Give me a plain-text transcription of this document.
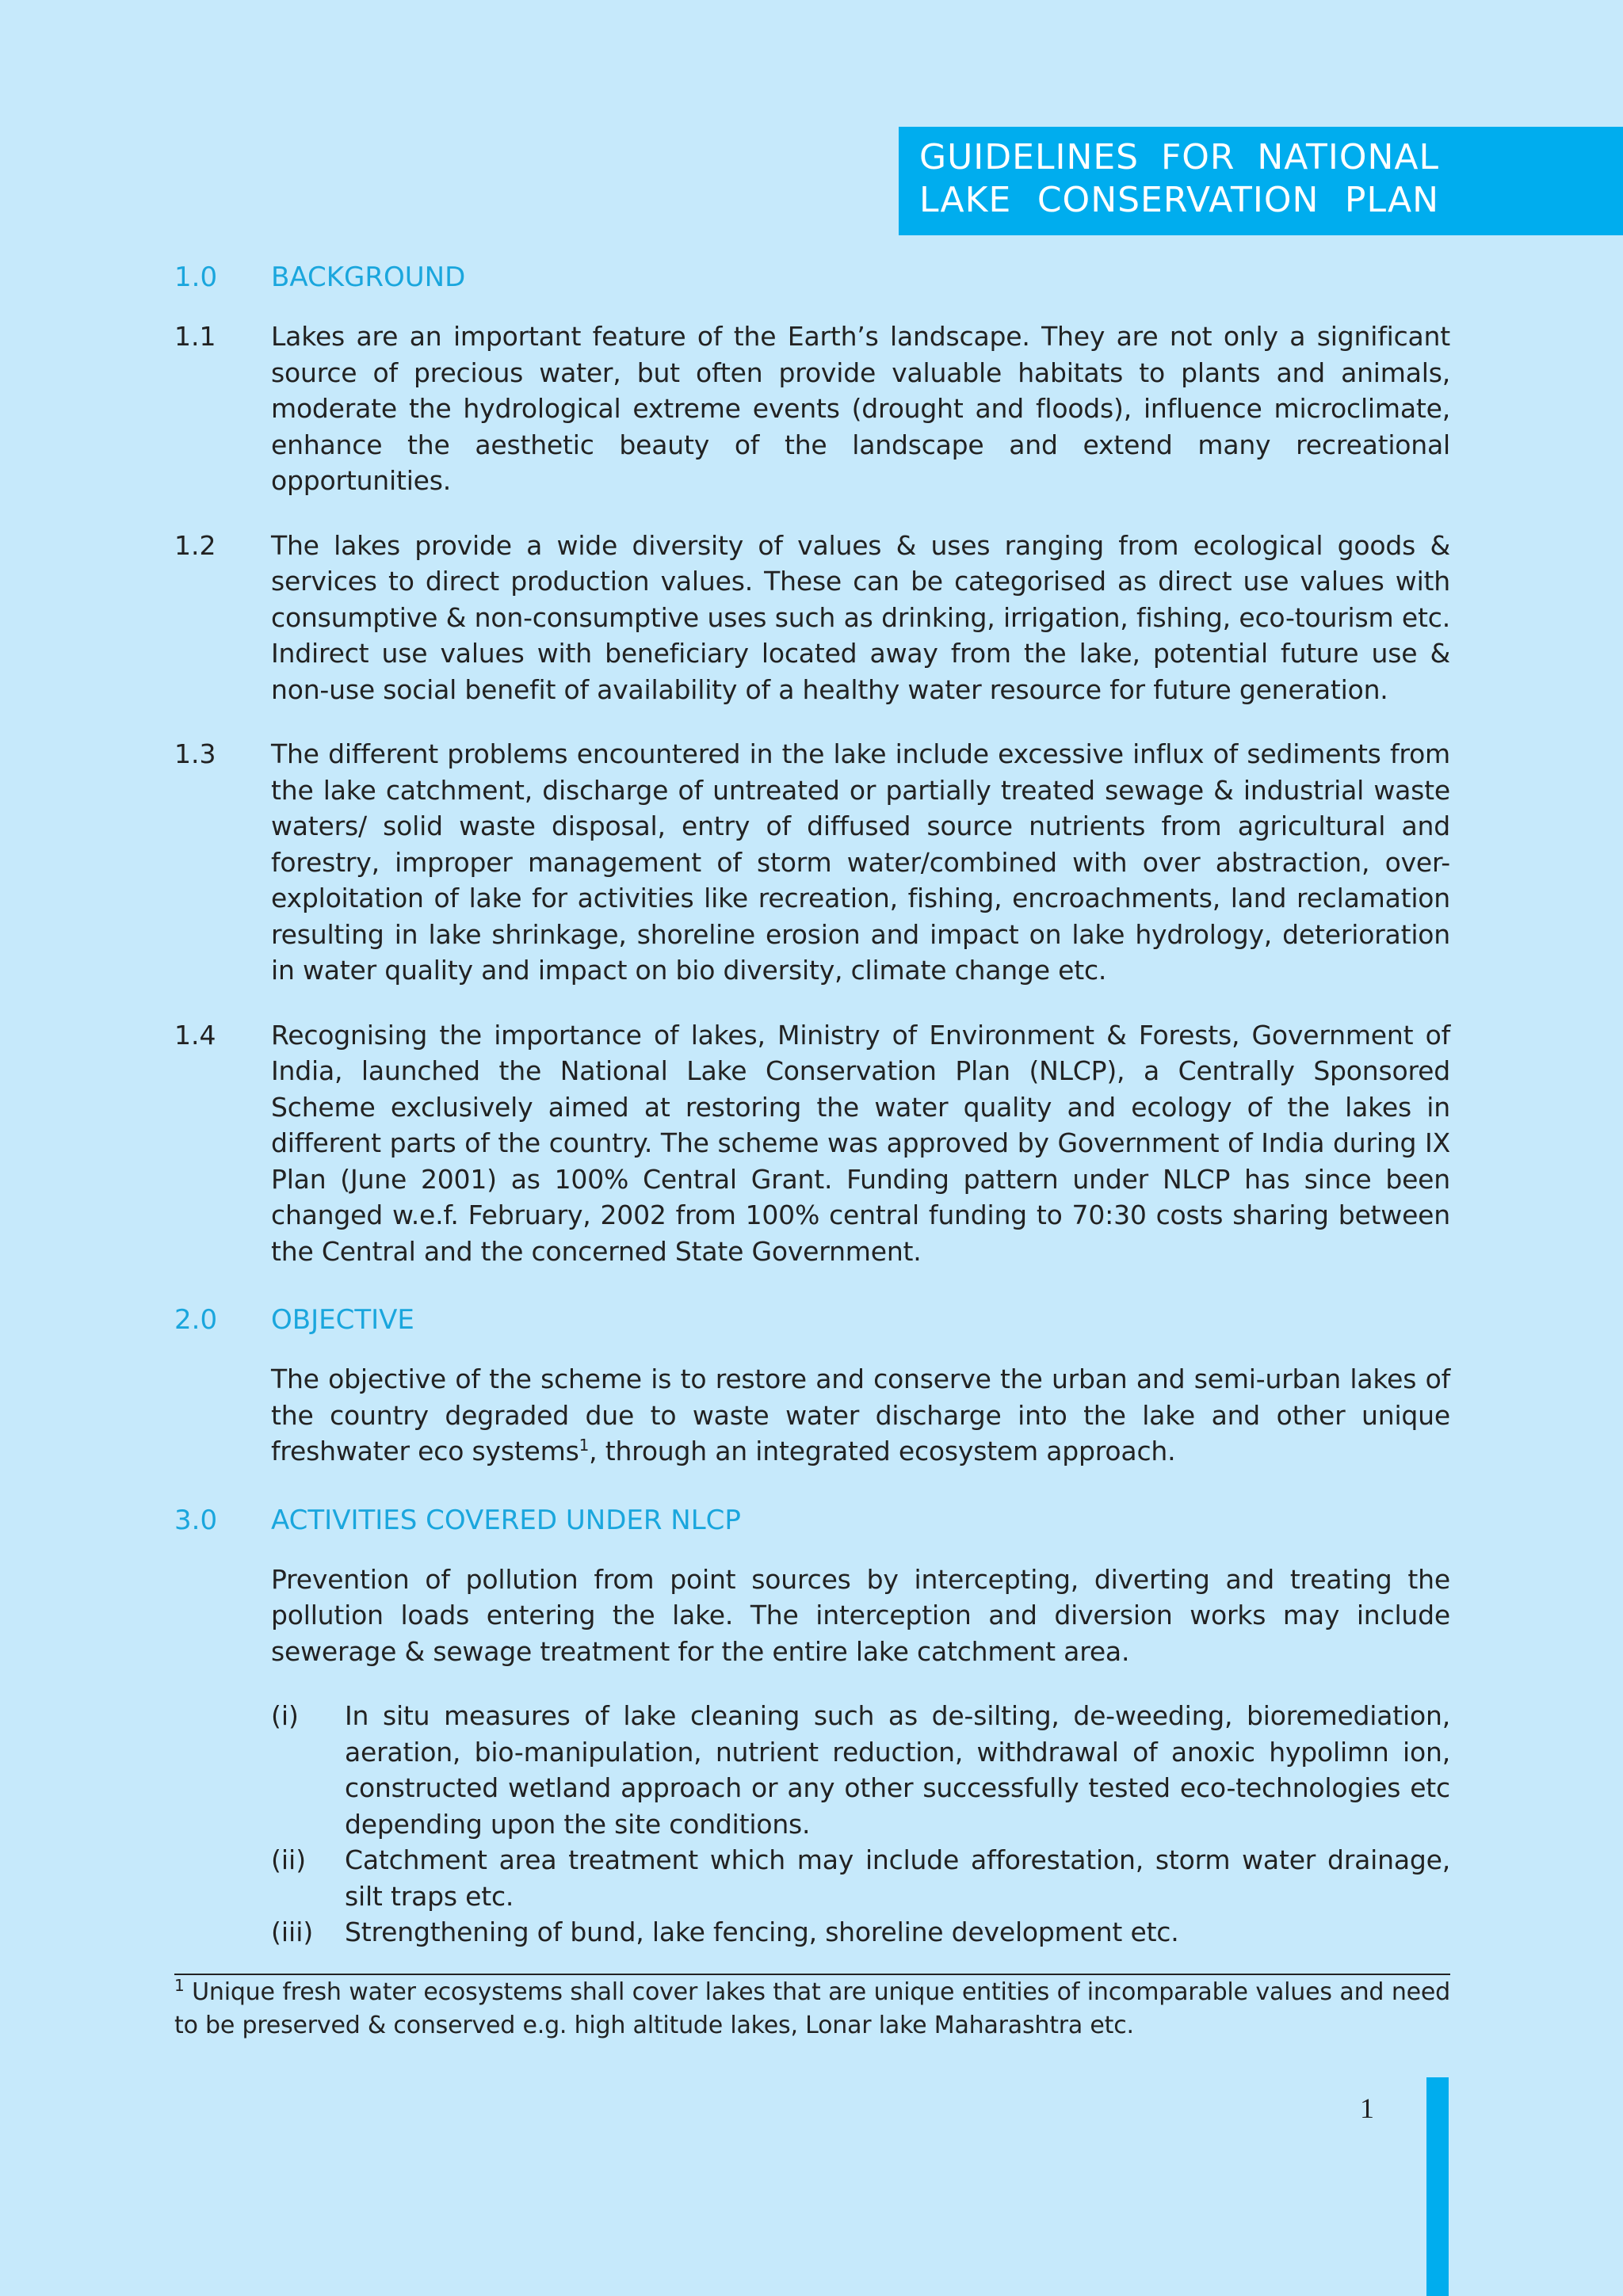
GUIDELINES FOR NATIONAL
LAKE CONSERVATION PLAN
1.0	BACKGROUND
1.1	Lakes are an important feature of the Earth’s landscape. They are not only a significant source of precious water, but often provide valuable habitats to plants and animals, moderate the hydrological extreme events (drought and floods), influence microclimate, enhance the aesthetic beauty of the landscape and extend many recreational opportunities.
1.2	The lakes provide a wide diversity of values & uses ranging from ecological goods & services to direct production values. These can be categorised as direct use values with consumptive & non-consumptive uses such as drinking, irrigation, fishing, eco-tourism etc. Indirect use values with beneficiary located away from the lake, potential future use & non-use social benefit of availability of a healthy water resource for future generation.
1.3	The different problems encountered in the lake include excessive influx of sediments from the lake catchment, discharge of untreated or partially treated sewage & industrial waste waters/ solid waste disposal, entry of diffused source nutrients from agricultural and forestry, improper management of storm water/combined with over abstraction, over-exploitation of lake for activities like recreation, fishing, encroachments, land reclamation resulting in lake shrinkage, shoreline erosion and impact on lake hydrology, deterioration in water quality and impact on bio diversity, climate change etc.
1.4	Recognising the importance of lakes, Ministry of Environment & Forests, Government of India, launched the National Lake Conservation Plan (NLCP), a Centrally Sponsored Scheme exclusively aimed at restoring the water quality and ecology of the lakes in different parts of the country. The scheme was approved by Government of India during IX Plan (June 2001) as 100% Central Grant. Funding pattern under NLCP has since been changed w.e.f. February, 2002 from 100% central funding to 70:30 costs sharing between the Central and the concerned State Government.
2.0	OBJECTIVE
The objective of the scheme is to restore and conserve the urban and semi-urban lakes of the country degraded due to waste water discharge into the lake and other unique freshwater eco systems$^1$, through an integrated ecosystem approach.
3.0	ACTIVITIES COVERED UNDER NLCP
Prevention of pollution from point sources by intercepting, diverting and treating the pollution loads entering the lake. The interception and diversion works may include sewerage & sewage treatment for the entire lake catchment area.
(i)	In situ measures of lake cleaning such as de-silting, de-weeding, bioremediation, aeration, bio-manipulation, nutrient reduction, withdrawal of anoxic hypolimn ion, constructed wetland approach or any other successfully tested eco-technologies etc depending upon the site conditions.
(ii)	Catchment area treatment which may include afforestation, storm water drainage, silt traps etc.
(iii)	Strengthening of bund, lake fencing, shoreline development etc.
$^1$ Unique fresh water ecosystems shall cover lakes that are unique entities of incomparable values and need to be preserved & conserved e.g. high altitude lakes, Lonar lake Maharashtra etc.
1
